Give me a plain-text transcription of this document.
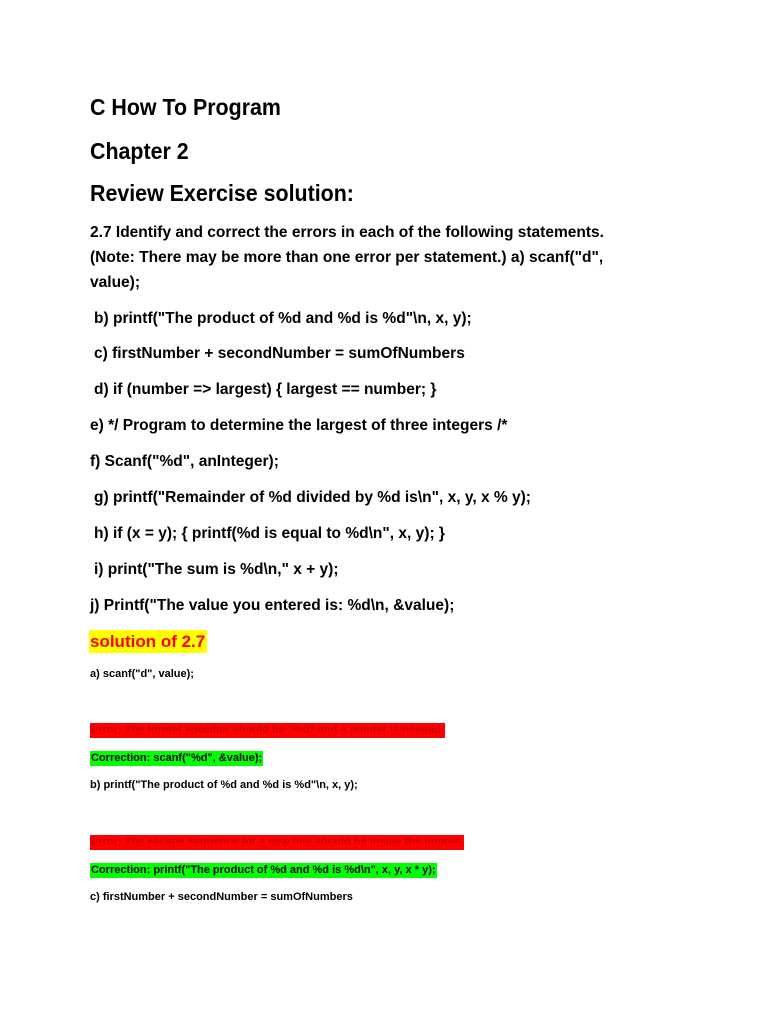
C How To Program
Chapter 2
Review Exercise solution:
2.7 Identify and correct the errors in each of the following statements. (Note: There may be more than one error per statement.) a) scanf("d", value);
b) printf("The product of %d and %d is %d"\n, x, y);
c) firstNumber + secondNumber = sumOfNumbers
d) if (number => largest) { largest == number; }
e) */ Program to determine the largest of three integers /*
f) Scanf("%d", anInteger);
g) printf("Remainder of %d divided by %d is\n", x, y, x % y);
h) if (x = y); { printf(%d is equal to %d\n", x, y); }
i) print("The sum is %d\n," x + y);
j) Printf("The value you entered is: %d\n, &value);
solution of 2.7
a) scanf("d", value);
Error: The format specifier should be "%d" and a pointer is needed.
Correction: scanf("%d", &value);
b) printf("The product of %d and %d is %d"\n, x, y);
Error: The escape sequence for a new line should be inside the quotes.
Correction: printf("The product of %d and %d is %d\n", x, y, x * y);
c) firstNumber + secondNumber = sumOfNumbers
